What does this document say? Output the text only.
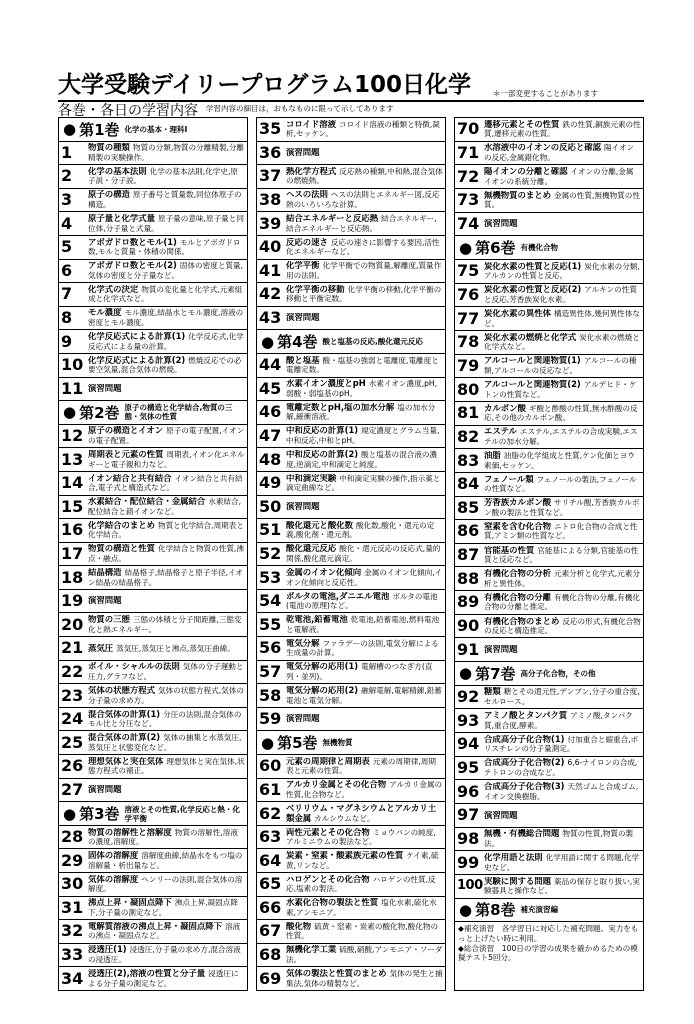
大学受験デイリープログラム100日化学	＊一部変更することがあります
各巻・各日の学習内容 学習内容の細目は，おもなものに限って示してあります
● 第1巻 化学の基本・理科Ⅰ
1	物質の種類 物質の分類,物質の分離精製,分離精製の実験操作。
2	化学の基本法則 化学の基本法則,化学史,原子説・分子説。
3	原子の構造 原子番号と質量数,同位体原子の構造。
4	原子量と化学式量 原子量の意味,原子量と同位体,分子量と式量。
5	アボガドロ数とモル(1) モルとアボガドロ数,モルと質量・体積の関係。
6	アボガドロ数とモル(2) 固体の密度と質量,気体の密度と分子量など。
7	化学式の決定 物質の変化量と化学式,元素組成と化学式など。
8	モル濃度 モル濃度,結晶水とモル濃度,溶液の密度とモル濃度。
9	化学反応式による計算(1) 化学反応式,化学反応式による量の計算。
10 化学反応式による計算(2) 燃焼反応での必要空気量,混合気体の燃焼。
11 演習問題
● 第2巻 原子の構造と化学結合,物質の三態・気体の性質
12 原子の構造とイオン 原子の電子配置,イオンの電子配置。
13 周期表と元素の性質 周期表,イオン化エネルギーと電子親和力など。
14 イオン結合と共有結合 イオン結合と共有結合,電子式と構造式など。
15 水素結合・配位結合・金属結合 水素結合,配位結合と錯イオンなど。
16 化学結合のまとめ 物質と化学結合,周期表と化学結合。
17 物質の構造と性質 化学結合と物質の性質,沸点・融点。
18 結晶構造 結晶格子,結晶格子と原子半径,イオン結晶の結晶格子。
19 演習問題
20 物質の三態 三態の体積と分子間距離,三態変化と熱エネルギー。
21 蒸気圧 蒸気圧,蒸気圧と沸点,蒸気圧曲線。
22 ボイル・シャルルの法則 気体の分子運動と圧力,グラフなど。
23 気体の状態方程式 気体の状態方程式,気体の分子量の求め方。
24 混合気体の計算(1) 分圧の法則,混合気体のモル比と分圧など。
25 混合気体の計算(2) 気体の捕集と水蒸気圧,蒸気圧と状態変化など。
26 理想気体と実在気体 理想気体と実在気体,状態方程式の補正。
27 演習問題
● 第3巻 溶液とその性質,化学反応と熱・化学平衡
28 物質の溶解性と溶解度 物質の溶解性,溶液の濃度,溶解度。
29 固体の溶解度 溶解度曲線,結晶水をもつ塩の溶解量・析出量など。
30 気体の溶解度 ヘンリーの法則,混合気体の溶解度。
31 沸点上昇・凝固点降下 沸点上昇,凝固点降下,分子量の測定など。
32 電解質溶液の沸点上昇・凝固点降下 溶液の沸点・凝固点など。
33 浸透圧(1) 浸透圧,分子量の求め方,混合溶液の浸透圧。
34 浸透圧(2),溶液の性質と分子量 浸透圧による分子量の測定など。
35 コロイド溶液 コロイド溶液の種類と特徴,凝析,セッケン。
36 演習問題
37 熱化学方程式 反応熱の種類,中和熱,混合気体の燃焼熱。
38 ヘスの法則 ヘスの法則とエネルギー図,反応熱のいろいろな計算。
39 結合エネルギーと反応熱 結合エネルギー,結合エネルギーと反応熱。
40 反応の速さ 反応の速さに影響する要因,活性化エネルギーなど。
41 化学平衡 化学平衡での物質量,解離度,質量作用の法則。
42 化学平衡の移動 化学平衡の移動,化学平衡の移動と平衡定数。
43 演習問題
● 第4巻 酸と塩基の反応,酸化還元反応
44 酸と塩基 酸・塩基の強弱と電離度,電離度と電離定数。
45 水素イオン濃度とpH 水素イオン濃度,pH,弱酸・弱塩基のpH。
46 電離定数とpH,塩の加水分解 塩の加水分解,緩衝溶液。
47 中和反応の計算(1) 規定濃度とグラム当量,中和反応,中和とpH。
48 中和反応の計算(2) 酸と塩基の混合液の濃度,逆滴定,中和滴定と純度。
49 中和滴定実験 中和滴定実験の操作,指示薬と滴定曲線など。
50 演習問題
51 酸化還元と酸化数 酸化数,酸化・還元の定義,酸化剤・還元剤。
52 酸化還元反応 酸化・還元反応の反応式,量的関係,酸化還元滴定。
53 金属のイオン化傾向 金属のイオン化傾向,イオン化傾向と反応性。
54 ボルタの電池,ダニエル電池 ボルタの電池(電池の原理)など。
55 乾電池,鉛蓄電池 乾電池,鉛蓄電池,燃料電池と電解液。
56 電気分解 ファラデーの法則,電気分解による生成量の計算。
57 電気分解の応用(1) 電解槽のつなぎ方(直列・並列)。
58 電気分解の応用(2) 融解電解,電解精錬,鉛蓄電池と電気分解。
59 演習問題
● 第5巻 無機物質
60 元素の周期律と周期表 元素の周期律,周期表と元素の性質。
61 アルカリ金属とその化合物 アルカリ金属の性質,化合物など。
62 ベリリウム・マグネシウムとアルカリ土類金属 カルシウムなど。
63 両性元素とその化合物 ミョウバンの純度,アルミニウムの製法など。
64 炭素・窒素・酸素族元素の性質 ケイ素,硫黄,リンなど。
65 ハロゲンとその化合物 ハロゲンの性質,反応,塩素の製法。
66 水素化合物の製法と性質 塩化水素,硫化水素,アンモニア。
67 酸化物 硫黄・窒素・炭素の酸化物,酸化物の性質。
68 無機化学工業 硫酸,硝酸,アンモニア・ソーダ法。
69 気体の製法と性質のまとめ 気体の発生と捕集法,気体の精製など。
70 遷移元素とその性質 鉄の性質,銅族元素の性質,遷移元素の性質。
71 水溶液中のイオンの反応と確認 陽イオンの反応,金属錯化物。
72 陽イオンの分離と確認 イオンの分離,金属イオンの系統分離。
73 無機物質のまとめ 金属の性質,無機物質の性質。
74 演習問題
● 第6巻 有機化合物
75 炭化水素の性質と反応(1) 炭化水素の分類,アルカンの性質と反応。
76 炭化水素の性質と反応(2) アルキンの性質と反応,芳香族炭化水素。
77 炭化水素の異性体 構造異性体,幾何異性体など。
78 炭化水素の燃焼と化学式 炭化水素の燃焼と化学式など。
79 アルコールと関連物質(1) アルコールの種類,アルコールの反応など。
80 アルコールと関連物質(2) アルデヒド・ケトンの性質など。
81 カルボン酸 ギ酸と酢酸の性質,無水酢酸の反応,その他のカルボン酸。
82 エステル エステル,エステルの合成実験,エステルの加水分解。
83 油脂 油脂の化学組成と性質,ケン化価とヨウ素価,セッケン。
84 フェノール類 フェノールの製法,フェノールの性質など。
85 芳香族カルボン酸 サリチル酸,芳香族カルボン酸の製法と性質など。
86 窒素を含む化合物 ニトロ化合物の合成と性質,アミン類の性質など。
87 官能基の性質 官能基による分類,官能基の性質と反応など。
88 有機化合物の分析 元素分析と化学式,元素分析と異性体。
89 有機化合物の分離 有機化合物の分離,有機化合物の分離と推定。
90 有機化合物のまとめ 反応の形式,有機化合物の反応と構造推定。
91 演習問題
● 第7巻 高分子化合物，その他
92 糖類 糖とその還元性,デンプン,分子の重合度,セルロース。
93 アミノ酸とタンパク質 アミノ酸,タンパク質,重合度,酵素。
94 合成高分子化合物(1) 付加重合と縮重合,ポリスチレンの分子量測定。
95 合成高分子化合物(2) 6,6-ナイロンの合成,テトロンの合成など。
96 合成高分子化合物(3) 天然ゴムと合成ゴム,イオン交換樹脂。
97 演習問題
98 無機・有機総合問題 物質の性質,物質の製法。
99 化学用語と法則 化学用語に関する問題,化学史など。
100 実験に関する問題 薬品の保存と取り扱い,実験器具と操作など。
● 第8巻 補充演習編
◆補充演習　各学習日に対応した補充問題。実力をもっと上げたい時に利用。
◆総合演習　100日の学習の成果を確かめるための模擬テスト5回分。
